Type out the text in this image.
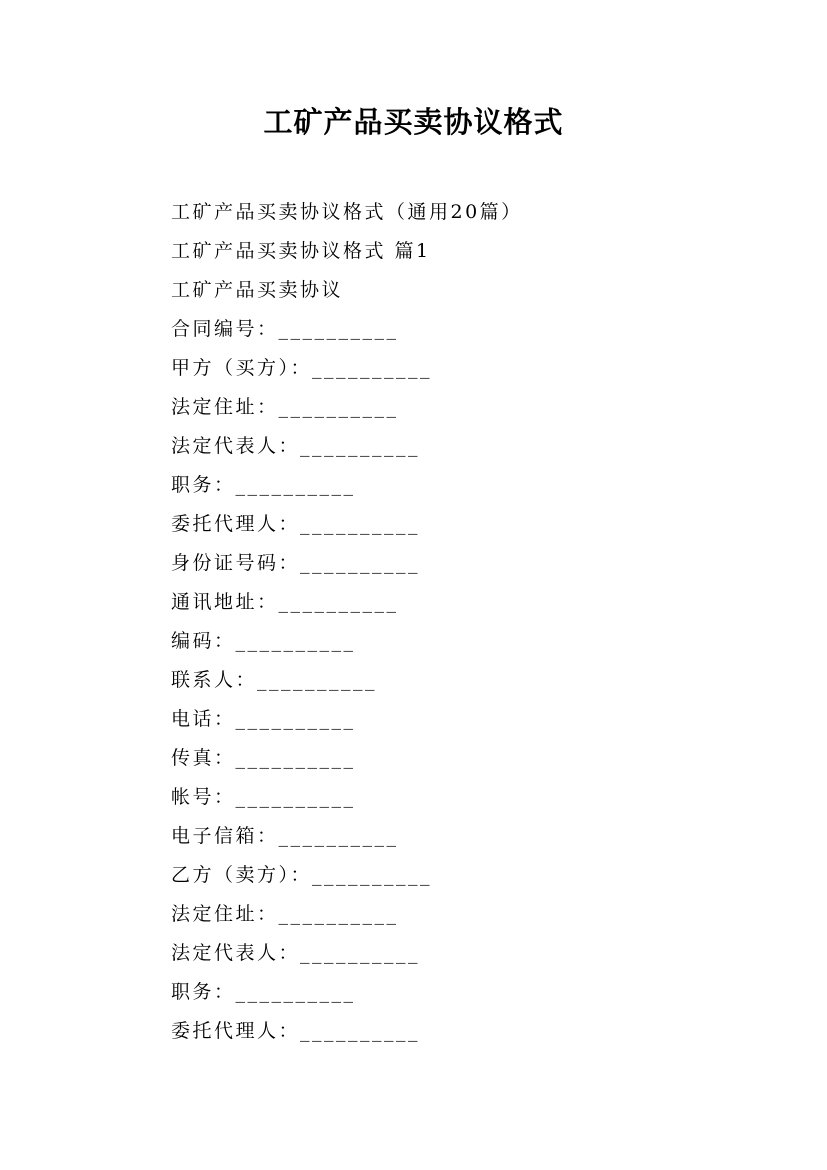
工矿产品买卖协议格式
工矿产品买卖协议格式（通用20篇）
工矿产品买卖协议格式 篇1
工矿产品买卖协议
合同编号：__________
甲方（买方）：__________
法定住址：__________
法定代表人：__________
职务：__________
委托代理人：__________
身份证号码：__________
通讯地址：__________
编码：__________
联系人：__________
电话：__________
传真：__________
帐号：__________
电子信箱：__________
乙方（卖方）：__________
法定住址：__________
法定代表人：__________
职务：__________
委托代理人：__________
